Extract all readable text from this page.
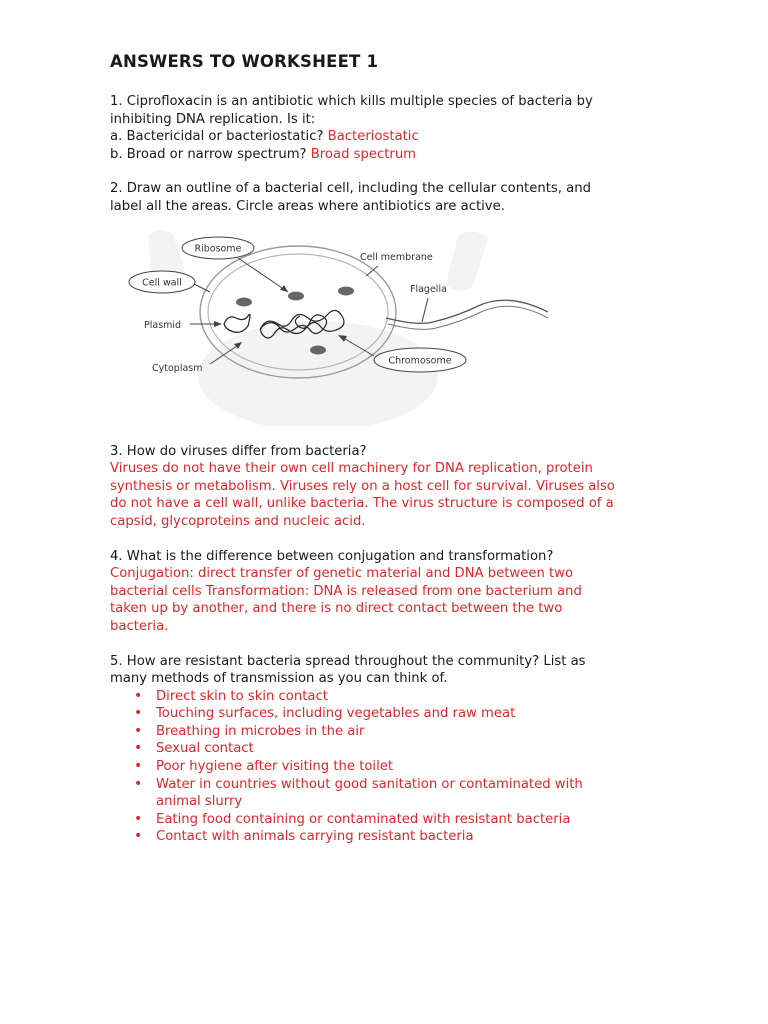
ANSWERS TO WORKSHEET 1
1. Ciprofloxacin is an antibiotic which kills multiple species of bacteria by
inhibiting DNA replication. Is it:
a. Bactericidal or bacteriostatic? Bacteriostatic
b. Broad or narrow spectrum? Broad spectrum
2. Draw an outline of a bacterial cell, including the cellular contents, and
label all the areas. Circle areas where antibiotics are active.
3. How do viruses differ from bacteria?
Viruses do not have their own cell machinery for DNA replication, protein
synthesis or metabolism. Viruses rely on a host cell for survival. Viruses also
do not have a cell wall, unlike bacteria. The virus structure is composed of a
capsid, glycoproteins and nucleic acid.
4. What is the difference between conjugation and transformation?
Conjugation: direct transfer of genetic material and DNA between two
bacterial cells Transformation: DNA is released from one bacterium and
taken up by another, and there is no direct contact between the two
bacteria.
5. How are resistant bacteria spread throughout the community? List as
many methods of transmission as you can think of.
• Direct skin to skin contact
• Touching surfaces, including vegetables and raw meat
• Breathing in microbes in the air
• Sexual contact
• Poor hygiene after visiting the toilet
• Water in countries without good sanitation or contaminated with
animal slurry
• Eating food containing or contaminated with resistant bacteria
• Contact with animals carrying resistant bacteria
Ribosome
Cell wall
Cell membrane
Flagella
Plasmid
Cytoplasm
Chromosome
